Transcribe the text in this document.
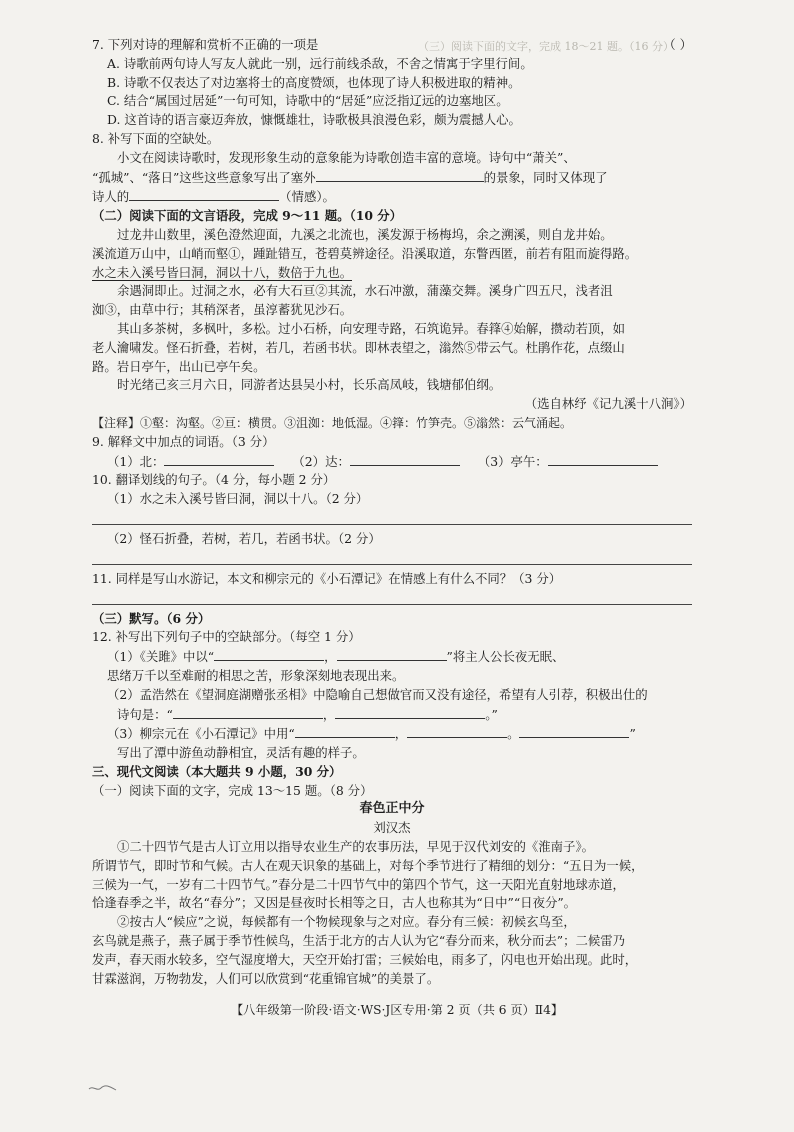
（三）阅读下面的文字，完成 18～21 题。（16 分）
7. 下列对诗的理解和赏析不正确的一项是	（ ）
A. 诗歌前两句诗人写友人就此一别，远行前线杀敌，不舍之情寓于字里行间。
B. 诗歌不仅表达了对边塞将士的高度赞颂，也体现了诗人积极进取的精神。
C. 结合“属国过居延”一句可知，诗歌中的“居延”应泛指辽远的边塞地区。
D. 这首诗的语言豪迈奔放，慷慨雄壮，诗歌极具浪漫色彩，颇为震撼人心。
8. 补写下面的空缺处。
小文在阅读诗歌时，发现形象生动的意象能为诗歌创造丰富的意境。诗句中“萧关”、
“孤城”、“落日”这些这些意象写出了塞外	的景象，同时又体现了
诗人的	（情感）。
（二）阅读下面的文言语段，完成 9～11 题。（10 分）
过龙井山数里，溪色澄然迎面，九溪之北流也，溪发源于杨梅坞，余之溯溪，则自龙井始。
溪流道万山中，山峭而壑①，踵趾错互，苍碧莫辨途径。沿溪取道，东瞥西匿，前若有阻而旋得路。
水之未入溪号皆曰洞，洞以十八，数倍于九也。
余遇洞即止。过洞之水，必有大石亘②其流，水石冲激，蒲藻交舞。溪身广四五尺，浅者沮
洳③，由草中行；其稍深者，虽淳蓄犹见沙石。
其山多茶树，多枫叶，多松。过小石桥，向安理寺路，石筑诡异。春箨④始解，攒动若顶，如
老人瀹啸发。怪石折叠，若树，若几，若函书状。即林表望之，滃然⑤带云气。杜鹃作花，点缀山
路。岩日亭午，出山已亭午矣。
时光绪己亥三月六日，同游者达县吴小村，长乐高凤岐，钱塘郁伯纲。
（选自林纾《记九溪十八涧》）
【注释】①壑：沟壑。②亘：横贯。③沮洳：地低湿。④箨：竹笋壳。⑤滃然：云气涌起。
9. 解释文中加点的词语。（3 分）
（1）北：	（2）达：	（3）亭午：
10. 翻译划线的句子。（4 分，每小题 2 分）
（1）水之未入溪号皆曰洞，洞以十八。（2 分）
（2）怪石折叠，若树，若几，若函书状。（2 分）
11. 同样是写山水游记，本文和柳宗元的《小石潭记》在情感上有什么不同？（3 分）
（三）默写。（6 分）
12. 补写出下列句子中的空缺部分。（每空 1 分）
（1）《关雎》中以“	，	”将主人公长夜无眠、
思绪万千以至难耐的相思之苦，形象深刻地表现出来。
（2）孟浩然在《望洞庭湖赠张丞相》中隐喻自己想做官而又没有途径，希望有人引荐，积极出仕的
诗句是：“	，	。”
（3）柳宗元在《小石潭记》中用“	，	。	”
写出了潭中游鱼动静相宜，灵活有趣的样子。
三、现代文阅读（本大题共 9 小题，30 分）
（一）阅读下面的文字，完成 13～15 题。（8 分）
春色正中分
刘汉杰
①二十四节气是古人订立用以指导农业生产的农事历法，早见于汉代刘安的《淮南子》。
所谓节气，即时节和气候。古人在观天识象的基础上，对每个季节进行了精细的划分：“五日为一候，
三候为一气，一岁有二十四节气。”春分是二十四节气中的第四个节气，这一天阳光直射地球赤道，
恰逢春季之半，故名“春分”；又因是昼夜时长相等之日，古人也称其为“日中”“日夜分”。
②按古人“候应”之说，每候都有一个物候现象与之对应。春分有三候：初候玄鸟至，
玄鸟就是燕子，燕子属于季节性候鸟，生活于北方的古人认为它“春分而来，秋分而去”；二候雷乃
发声，春天雨水较多，空气湿度增大，天空开始打雷；三候始电，雨多了，闪电也开始出现。此时，
甘霖滋润，万物勃发，人们可以欣赏到“花重锦官城”的美景了。
【八年级第一阶段·语文·WS·J区专用·第 2 页（共 6 页）Ⅱ4】
